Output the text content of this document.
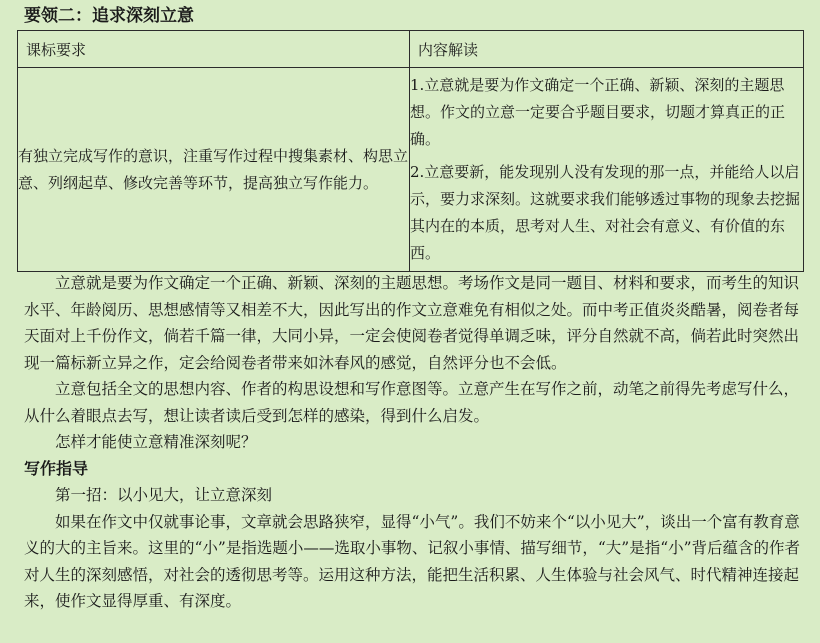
要领二：追求深刻立意
课标要求	内容解读
有独立完成写作的意识，注重写作过程中搜集素材、构思立意、列纲起草、修改完善等环节，提高独立写作能力。	1.立意就是要为作文确定一个正确、新颖、深刻的主题思想。作文的立意一定要合乎题目要求，切题才算真正的正确。

2.立意要新，能发现别人没有发现的那一点，并能给人以启示，要力求深刻。这就要求我们能够透过事物的现象去挖掘其内在的本质，思考对人生、对社会有意义、有价值的东西。

立意就是要为作文确定一个正确、新颖、深刻的主题思想。考场作文是同一题目、材料和要求，而考生的知识水平、年龄阅历、思想感情等又相差不大，因此写出的作文立意难免有相似之处。而中考正值炎炎酷暑，阅卷者每天面对上千份作文，倘若千篇一律，大同小异，一定会使阅卷者觉得单调乏味，评分自然就不高，倘若此时突然出现一篇标新立异之作，定会给阅卷者带来如沐春风的感觉，自然评分也不会低。

立意包括全文的思想内容、作者的构思设想和写作意图等。立意产生在写作之前，动笔之前得先考虑写什么，从什么着眼点去写，想让读者读后受到怎样的感染，得到什么启发。

怎样才能使立意精准深刻呢？

写作指导

第一招：以小见大，让立意深刻

如果在作文中仅就事论事，文章就会思路狭窄，显得“小气”。我们不妨来个“以小见大”，谈出一个富有教育意义的大的主旨来。这里的“小”是指选题小——选取小事物、记叙小事情、描写细节，“大”是指“小”背后蕴含的作者对人生的深刻感悟，对社会的透彻思考等。运用这种方法，能把生活积累、人生体验与社会风气、时代精神连接起来，使作文显得厚重、有深度。
